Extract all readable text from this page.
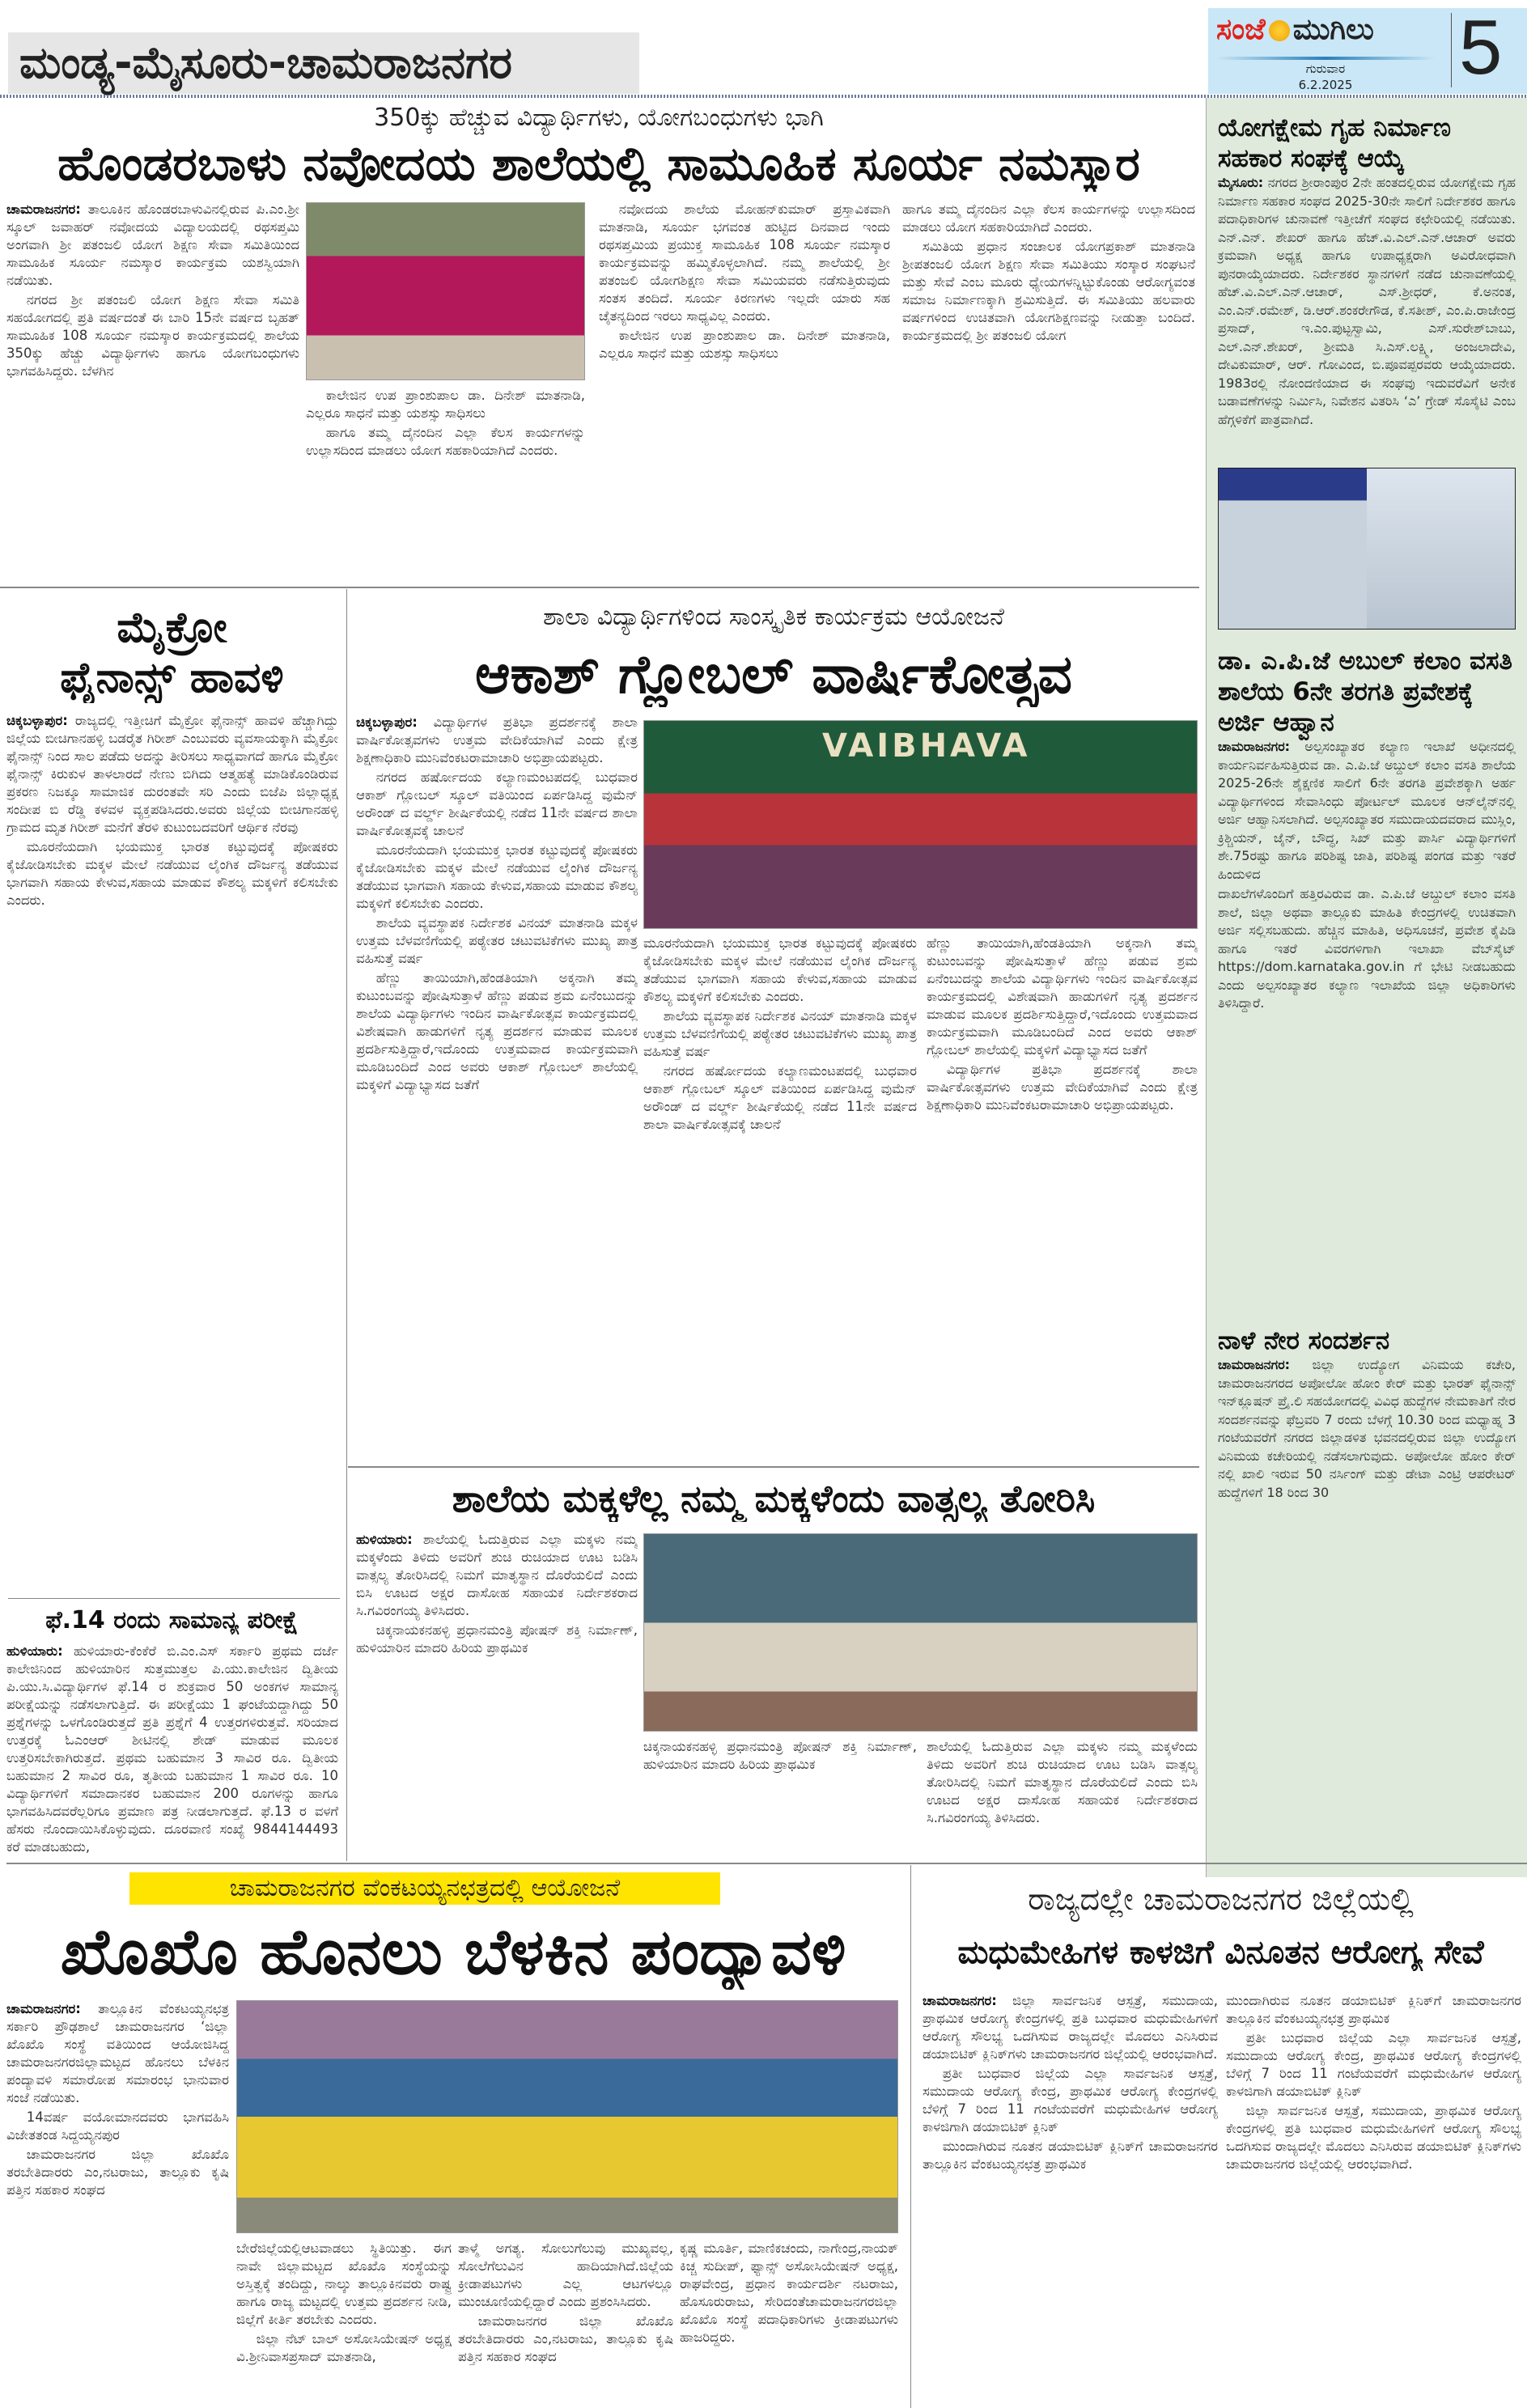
ಮಂಡ್ಯ-ಮೈಸೂರು-ಚಾಮರಾಜನಗರ
ಸಂಜೆ ಮುಗಿಲು
ಗುರುವಾರ
6.2.2025	5
350ಕ್ಕು ಹೆಚ್ಚುವ ವಿದ್ಯಾರ್ಥಿಗಳು, ಯೋಗಬಂಧುಗಳು ಭಾಗಿ
ಹೊಂಡರಬಾಳು ನವೋದಯ ಶಾಲೆಯಲ್ಲಿ ಸಾಮೂಹಿಕ ಸೂರ್ಯ ನಮಸ್ಕಾರ

ಚಾಮರಾಜನಗರ: ತಾಲೂಕಿನ ಹೊಂಡರಬಾಳುವಿನಲ್ಲಿರುವ ಪಿ.ಎಂ.ಶ್ರೀ ಸ್ಕೂಲ್ ಜವಾಹರ್ ನವೋದಯ ವಿದ್ಯಾಲಯದಲ್ಲಿ ರಥಸಪ್ತಮಿ ಅಂಗವಾಗಿ ಶ್ರೀ ಪತಂಜಲಿ ಯೋಗ ಶಿಕ್ಷಣ ಸೇವಾ ಸಮಿತಿಯಿಂದ ಸಾಮೂಹಿಕ ಸೂರ್ಯ ನಮಸ್ಕಾರ ಕಾರ್ಯಕ್ರಮ ಯಶಸ್ವಿಯಾಗಿ ನಡೆಯಿತು.

ನಗರದ ಶ್ರೀ ಪತಂಜಲಿ ಯೋಗ ಶಿಕ್ಷಣ ಸೇವಾ ಸಮಿತಿ ಸಹಯೋಗದಲ್ಲಿ ಪ್ರತಿ ವರ್ಷದಂತೆ ಈ ಬಾರಿ 15ನೇ ವರ್ಷದ ಬೃಹತ್ ಸಾಮೂಹಿಕ 108 ಸೂರ್ಯ ನಮಸ್ಕಾರ ಕಾರ್ಯಕ್ರಮದಲ್ಲಿ ಶಾಲೆಯ 350ಕ್ಕು ಹೆಚ್ಚು ವಿದ್ಯಾರ್ಥಿಗಳು ಹಾಗೂ ಯೋಗಬಂಧುಗಳು ಭಾಗವಹಿಸಿದ್ದರು. ಬೆಳಗಿನ

ಕಾಲೇಜಿನ ಉಪ ಪ್ರಾಂಶುಪಾಲ ಡಾ. ದಿನೇಶ್ ಮಾತನಾಡಿ, ಎಲ್ಲರೂ ಸಾಧನೆ ಮತ್ತು ಯಶಸ್ಸು ಸಾಧಿಸಲು

ಹಾಗೂ ತಮ್ಮ ದೈನಂದಿನ ಎಲ್ಲಾ ಕೆಲಸ ಕಾರ್ಯಗಳನ್ನು ಉಲ್ಲಾಸದಿಂದ ಮಾಡಲು ಯೋಗ ಸಹಕಾರಿಯಾಗಿದೆ ಎಂದರು.

ನವೋದಯ ಶಾಲೆಯ ಮೋಹನ್‌ಕುಮಾರ್ ಪ್ರಸ್ತಾವಿಕವಾಗಿ ಮಾತನಾಡಿ, ಸೂರ್ಯ ಭಗವಂತ ಹುಟ್ಟಿದ ದಿನವಾದ ಇಂದು ರಥಸಪ್ತಮಿಯ ಪ್ರಯುಕ್ತ ಸಾಮೂಹಿಕ 108 ಸೂರ್ಯ ನಮಸ್ಕಾರ ಕಾರ್ಯಕ್ರಮವನ್ನು ಹಮ್ಮಿಕೊಳ್ಳಲಾಗಿದೆ. ನಮ್ಮ ಶಾಲೆಯಲ್ಲಿ ಶ್ರೀ ಪತಂಜಲಿ ಯೋಗಶಿಕ್ಷಣ ಸೇವಾ ಸಮಿಯವರು ನಡೆಸುತ್ತಿರುವುದು ಸಂತಸ ತಂದಿದೆ. ಸೂರ್ಯ ಕಿರಣಗಳು ಇಲ್ಲದೇ ಯಾರು ಸಹ ಚೈತನ್ಯದಿಂದ ಇರಲು ಸಾಧ್ಯವಿಲ್ಲ ಎಂದರು.

ಕಾಲೇಜಿನ ಉಪ ಪ್ರಾಂಶುಪಾಲ ಡಾ. ದಿನೇಶ್ ಮಾತನಾಡಿ, ಎಲ್ಲರೂ ಸಾಧನೆ ಮತ್ತು ಯಶಸ್ಸು ಸಾಧಿಸಲು

ಹಾಗೂ ತಮ್ಮ ದೈನಂದಿನ ಎಲ್ಲಾ ಕೆಲಸ ಕಾರ್ಯಗಳನ್ನು ಉಲ್ಲಾಸದಿಂದ ಮಾಡಲು ಯೋಗ ಸಹಕಾರಿಯಾಗಿದೆ ಎಂದರು.

ಸಮಿತಿಯ ಪ್ರಧಾನ ಸಂಚಾಲಕ ಯೋಗಪ್ರಕಾಶ್ ಮಾತನಾಡಿ ಶ್ರೀಪತಂಜಲಿ ಯೋಗ ಶಿಕ್ಷಣ ಸೇವಾ ಸಮಿತಿಯು ಸಂಸ್ಕಾರ ಸಂಘಟನೆ ಮತ್ತು ಸೇವೆ ಎಂಬ ಮೂರು ಧ್ಯೇಯಗಳನ್ನಿಟ್ಟುಕೊಂಡು ಆರೋಗ್ಯವಂತ ಸಮಾಜ ನಿರ್ಮಾಣಕ್ಕಾಗಿ ಶ್ರಮಿಸುತ್ತಿದೆ. ಈ ಸಮಿತಿಯು ಹಲವಾರು ವರ್ಷಗಳಿಂದ ಉಚಿತವಾಗಿ ಯೋಗಶಿಕ್ಷಣವನ್ನು ನೀಡುತ್ತಾ ಬಂದಿದೆ. ಕಾರ್ಯಕ್ರಮದಲ್ಲಿ ಶ್ರೀ ಪತಂಜಲಿ ಯೋಗ

ಯೋಗಕ್ಷೇಮ ಗೃಹ ನಿರ್ಮಾಣ ಸಹಕಾರ ಸಂಘಕ್ಕೆ ಆಯ್ಕೆ

ಮೈಸೂರು: ನಗರದ ಶ್ರೀರಾಂಪುರ 2ನೇ ಹಂತದಲ್ಲಿರುವ ಯೋಗಕ್ಷೇಮ ಗೃಹ ನಿರ್ಮಾಣ ಸಹಕಾರ ಸಂಘದ 2025-30ನೇ ಸಾಲಿಗೆ ನಿರ್ದೇಶಕರ ಹಾಗೂ ಪದಾಧಿಕಾರಿಗಳ ಚುನಾವಣೆ ಇತ್ತೀಚೆಗೆ ಸಂಘದ ಕಛೇರಿಯಲ್ಲಿ ನಡೆಯಿತು. ಎನ್.ಎನ್. ಶೇಖರ್ ಹಾಗೂ ಹೆಚ್.ವಿ.ಎಲ್.ಎನ್.ಆಚಾರ್ ಅವರು ಕ್ರಮವಾಗಿ ಅಧ್ಯಕ್ಷ ಹಾಗೂ ಉಪಾಧ್ಯಕ್ಷರಾಗಿ ಅವಿರೋಧವಾಗಿ ಪುನರಾಯ್ಕೆಯಾದರು. ನಿರ್ದೇಶಕರ ಸ್ಥಾನಗಳಿಗೆ ನಡೆದ ಚುನಾವಣೆಯಲ್ಲಿ ಹೆಚ್.ವಿ.ಎಲ್.ಎನ್.ಆಚಾರ್, ಎಸ್.ಶ್ರೀಧರ್, ಕೆ.ಅನಂತ, ಎಂ.ಎನ್.ರಮೇಶ್, ಡಿ.ಆರ್.ಶಂಕರೇಗೌಡ, ಕೆ.ಸತೀಶ್, ಎಂ.ಪಿ.ರಾಜೇಂದ್ರ ಪ್ರಸಾದ್, ಇ.ಎಂ.ಪುಟ್ಟಸ್ವಾಮಿ, ಎಸ್.ಸುರೇಶ್‌ಬಾಬು, ಎಲ್.ಎನ್.ಶೇಖರ್, ಶ್ರೀಮತಿ ಸಿ.ಎಸ್.ಲಕ್ಷ್ಮಿ, ಅಂಜಲಾದೇವಿ, ದೇವಿಕುಮಾರ್, ಆರ್. ಗೋವಿಂದ, ಬಿ.ಪೂವಪ್ಪರವರು ಆಯ್ಕೆಯಾದರು. 1983ರಲ್ಲಿ ನೋಂದಣಿಯಾದ ಈ ಸಂಘವು ಇದುವರೆವಿಗೆ ಅನೇಕ ಬಡಾವಣೆಗಳನ್ನು ನಿರ್ಮಿಸಿ, ನಿವೇಶನ ವಿತರಿಸಿ ‘ಎ’ ಗ್ರೇಡ್ ಸೊಸೈಟಿ ಎಂಬ ಹೆಗ್ಗಳಿಕೆಗೆ ಪಾತ್ರವಾಗಿದೆ.

ಡಾ. ಎ.ಪಿ.ಜೆ ಅಬುಲ್ ಕಲಾಂ ವಸತಿ ಶಾಲೆಯ 6ನೇ ತರಗತಿ ಪ್ರವೇಶಕ್ಕೆ ಅರ್ಜಿ ಆಹ್ವಾನ

ಚಾಮರಾಜನಗರ: ಅಲ್ಪಸಂಖ್ಯಾತರ ಕಲ್ಯಾಣ ಇಲಾಖೆ ಅಧೀನದಲ್ಲಿ ಕಾರ್ಯನಿರ್ವಹಿಸುತ್ತಿರುವ ಡಾ. ಎ.ಪಿ.ಜೆ ಅಬ್ದುಲ್ ಕಲಾಂ ವಸತಿ ಶಾಲೆಯ 2025-26ನೇ ಶೈಕ್ಷಣಿಕ ಸಾಲಿಗೆ 6ನೇ ತರಗತಿ ಪ್ರವೇಶಕ್ಕಾಗಿ ಅರ್ಹ ವಿದ್ಯಾರ್ಥಿಗಳಿಂದ ಸೇವಾಸಿಂಧು ಪೋರ್ಟಲ್ ಮೂಲಕ ಆನ್‌ಲೈನ್‌ನಲ್ಲಿ ಅರ್ಜಿ ಆಹ್ವಾನಿಸಲಾಗಿದೆ. ಅಲ್ಪಸಂಖ್ಯಾತರ ಸಮುದಾಯದವರಾದ ಮುಸ್ಲಿಂ, ಕ್ರಿಶ್ಚಿಯನ್, ಜೈನ್, ಬೌದ್ಧ, ಸಿಖ್ ಮತ್ತು ಪಾರ್ಸಿ ವಿದ್ಯಾರ್ಥಿಗಳಿಗೆ ಶೇ.75ರಷ್ಟು ಹಾಗೂ ಪರಿಶಿಷ್ಟ ಜಾತಿ, ಪರಿಶಿಷ್ಟ ಪಂಗಡ ಮತ್ತು ಇತರೆ ಹಿಂದುಳಿದ

ದಾಖಲೆಗಳೊಂದಿಗೆ ಹತ್ತಿರವಿರುವ ಡಾ. ಎ.ಪಿ.ಜೆ ಅಬ್ದುಲ್ ಕಲಾಂ ವಸತಿ ಶಾಲೆ, ಜಿಲ್ಲಾ ಅಥವಾ ತಾಲ್ಲೂಕು ಮಾಹಿತಿ ಕೇಂದ್ರಗಳಲ್ಲಿ ಉಚಿತವಾಗಿ ಅರ್ಜಿ ಸಲ್ಲಿಸಬಹುದು. ಹೆಚ್ಚಿನ ಮಾಹಿತಿ, ಅಧಿಸೂಚನೆ, ಪ್ರವೇಶ ಕೈಪಿಡಿ ಹಾಗೂ ಇತರೆ ವಿವರಗಳಿಗಾಗಿ ಇಲಾಖಾ ವೆಬ್‌ಸೈಟ್ https://dom.karnataka.gov.in ಗೆ ಭೇಟಿ ನೀಡಬಹುದು ಎಂದು ಅಲ್ಪಸಂಖ್ಯಾತರ ಕಲ್ಯಾಣ ಇಲಾಖೆಯ ಜಿಲ್ಲಾ ಅಧಿಕಾರಿಗಳು ತಿಳಿಸಿದ್ದಾರೆ.

ನಾಳೆ ನೇರ ಸಂದರ್ಶನ

ಚಾಮರಾಜನಗರ: ಜಿಲ್ಲಾ ಉದ್ಯೋಗ ವಿನಿಮಯ ಕಚೇರಿ, ಚಾಮರಾಜನಗರದ ಅಪೋಲೋ ಹೋಂ ಕೇರ್ ಮತ್ತು ಭಾರತ್ ಫೈನಾನ್ಸ್ ಇನ್‌ಕ್ಲೂಷನ್ ಪ್ರೈ.ಲಿ ಸಹಯೋಗದಲ್ಲಿ ವಿವಿಧ ಹುದ್ದೆಗಳ ನೇಮಕಾತಿಗೆ ನೇರ ಸಂದರ್ಶನವನ್ನು ಫೆಬ್ರವರಿ 7 ರಂದು ಬೆಳಗ್ಗೆ 10.30 ರಿಂದ ಮಧ್ಯಾಹ್ನ 3 ಗಂಟೆಯವರೆಗೆ ನಗರದ ಜಿಲ್ಲಾಡಳಿತ ಭವನದಲ್ಲಿರುವ ಜಿಲ್ಲಾ ಉದ್ಯೋಗ ವಿನಿಮಯ ಕಚೇರಿಯಲ್ಲಿ ನಡೆಸಲಾಗುವುದು. ಅಪೋಲೋ ಹೋಂ ಕೇರ್ ನಲ್ಲಿ ಖಾಲಿ ಇರುವ 50 ನರ್ಸಿಂಗ್ ಮತ್ತು ಡೇಟಾ ಎಂಟ್ರಿ ಆಪರೇಟರ್ ಹುದ್ದೆಗಳಿಗೆ 18 ರಿಂದ 30

ಮೈಕ್ರೋ
ಫೈನಾನ್ಸ್ ಹಾವಳಿ

ಚಿಕ್ಕಬಳ್ಳಾಪುರ: ರಾಜ್ಯದಲ್ಲಿ ಇತ್ತೀಚಿಗೆ ಮೈಕ್ರೋ ಫೈನಾನ್ಸ್ ಹಾವಳಿ ಹೆಚ್ಚಾಗಿದ್ದು ಜಿಲ್ಲೆಯ ಬೀಚಿಗಾನಹಳ್ಳಿ ಬಡರೈತ ಗಿರೀಶ್ ಎಂಬುವರು ವ್ಯವಸಾಯಕ್ಕಾಗಿ ಮೈಕ್ರೋ ಫೈನಾನ್ಸ್ ನಿಂದ ಸಾಲ ಪಡೆದು ಅದನ್ನು ತೀರಿಸಲು ಸಾಧ್ಯವಾಗದೆ ಹಾಗೂ ಮೈಕ್ರೋ ಫೈನಾನ್ಸ್ ಕಿರುಕುಳ ತಾಳಲಾರದೆ ನೇಣು ಬಿಗಿದು ಆತ್ಮಹತ್ಯೆ ಮಾಡಿಕೊಂಡಿರುವ ಪ್ರಕರಣ ನಿಜಕ್ಕೂ ಸಾಮಾಜಿಕ ದುರಂತವೇ ಸರಿ ಎಂದು ಬಿಜೆಪಿ ಜಿಲ್ಲಾಧ್ಯಕ್ಷ ಸಂದೀಪ ಬಿ ರೆಡ್ಡಿ ಕಳವಳ ವ್ಯಕ್ತಪಡಿಸಿದರು.ಅವರು ಜಿಲ್ಲೆಯ ಬೀಚಿಗಾನಹಳ್ಳಿ ಗ್ರಾಮದ ಮೃತ ಗಿರೀಶ್ ಮನೆಗೆ ತೆರಳಿ ಕುಟುಂಬದವರಿಗೆ ಆರ್ಥಿಕ ನೆರವು

ಮೂರನೆಯದಾಗಿ ಭಯಮುಕ್ತ ಭಾರತ ಕಟ್ಟುವುದಕ್ಕೆ ಪೋಷಕರು ಕೈಜೋಡಿಸಬೇಕು ಮಕ್ಕಳ ಮೇಲೆ ನಡೆಯುವ ಲೈಂಗಿಕ ದೌರ್ಜನ್ಯ ತಡೆಯುವ ಭಾಗವಾಗಿ ಸಹಾಯ ಕೇಳುವ,ಸಹಾಯ ಮಾಡುವ ಕೌಶಲ್ಯ ಮಕ್ಕಳಿಗೆ ಕಲಿಸಬೇಕು ಎಂದರು.

ಫೆ.14 ರಂದು ಸಾಮಾನ್ಯ ಪರೀಕ್ಷೆ

ಹುಳಿಯಾರು: ಹುಳಿಯಾರು-ಕೆಂಕೆರೆ ಬಿ.ಎಂ.ಎಸ್ ಸರ್ಕಾರಿ ಪ್ರಥಮ ದರ್ಜೆ ಕಾಲೇಜಿನಿಂದ ಹುಳಿಯಾರಿನ ಸುತ್ತಮುತ್ತಲ ಪಿ.ಯು.ಕಾಲೇಜಿನ ದ್ವಿತೀಯ ಪಿ.ಯು.ಸಿ.ವಿದ್ಯಾರ್ಥಿಗಳ ಫೆ.14 ರ ಶುಕ್ರವಾರ 50 ಅಂಕಗಳ ಸಾಮಾನ್ಯ ಪರೀಕ್ಷೆಯನ್ನು ನಡೆಸಲಾಗುತ್ತಿದೆ. ಈ ಪರೀಕ್ಷೆಯು 1 ಘಂಟೆಯದ್ದಾಗಿದ್ದು 50 ಪ್ರಶ್ನೆಗಳನ್ನು ಒಳಗೊಂಡಿರುತ್ತದೆ ಪ್ರತಿ ಪ್ರಶ್ನೆಗೆ 4 ಉತ್ತರಗಳಿರುತ್ತವೆ. ಸರಿಯಾದ ಉತ್ತರಕ್ಕೆ ಓಎಂಆರ್ ಶೀಟಿನಲ್ಲಿ ಶೇಡ್ ಮಾಡುವ ಮೂಲಕ ಉತ್ತರಿಸಬೇಕಾಗಿರುತ್ತದೆ. ಪ್ರಥಮ ಬಹುಮಾನ 3 ಸಾವಿರ ರೂ. ದ್ವಿತೀಯ ಬಹುಮಾನ 2 ಸಾವಿರ ರೂ, ತೃತೀಯ ಬಹುಮಾನ 1 ಸಾವಿರ ರೂ. 10 ವಿದ್ಯಾರ್ಥಿಗಳಿಗೆ ಸಮಾದಾನಕರ ಬಹುಮಾನ 200 ರೂಗಳನ್ನು ಹಾಗೂ ಭಾಗವಹಿಸಿದವರೆಲ್ಲರಿಗೂ ಪ್ರಮಾಣ ಪತ್ರ ನೀಡಲಾಗುತ್ತದೆ. ಫೆ.13 ರ ವಳಗೆ ಹೆಸರು ನೊಂದಾಯಿಸಿಕೊಳ್ಳುವುದು. ದೂರವಾಣಿ ಸಂಖ್ಯೆ 9844144493 ಕರೆ ಮಾಡಬಹುದು,

ಶಾಲಾ ವಿದ್ಯಾರ್ಥಿಗಳಿಂದ ಸಾಂಸ್ಕೃತಿಕ ಕಾರ್ಯಕ್ರಮ ಆಯೋಜನೆ
ಆಕಾಶ್ ಗ್ಲೋಬಲ್ ವಾರ್ಷಿಕೋತ್ಸವ

ಚಿಕ್ಕಬಳ್ಳಾಪುರ: ವಿದ್ಯಾರ್ಥಿಗಳ ಪ್ರತಿಭಾ ಪ್ರದರ್ಶನಕ್ಕೆ ಶಾಲಾ ವಾರ್ಷಿಕೋತ್ಸವಗಳು ಉತ್ತಮ ವೇದಿಕೆಯಾಗಿವೆ ಎಂದು ಕ್ಷೇತ್ರ ಶಿಕ್ಷಣಾಧಿಕಾರಿ ಮುನಿವೆಂಕಟರಾಮಾಚಾರಿ ಅಭಿಪ್ರಾಯಪಟ್ಟರು.

ನಗರದ ಹರ್ಷೋದಯ ಕಲ್ಯಾಣಮಂಟಪದಲ್ಲಿ ಬುಧವಾರ ಆಕಾಶ್ ಗ್ಲೋಬಲ್ ಸ್ಕೂಲ್ ವತಿಯಿಂದ ಏರ್ಪಡಿಸಿದ್ದ ವುಮೆನ್ ಅರೌಂಡ್ ದ ವರ್ಲ್ಡ್ ಶೀರ್ಷಿಕೆಯಲ್ಲಿ ನಡೆದ 11ನೇ ವರ್ಷದ ಶಾಲಾ ವಾರ್ಷಿಕೋತ್ಸವಕ್ಕೆ ಚಾಲನೆ

ಮೂರನೆಯದಾಗಿ ಭಯಮುಕ್ತ ಭಾರತ ಕಟ್ಟುವುದಕ್ಕೆ ಪೋಷಕರು ಕೈಜೋಡಿಸಬೇಕು ಮಕ್ಕಳ ಮೇಲೆ ನಡೆಯುವ ಲೈಂಗಿಕ ದೌರ್ಜನ್ಯ ತಡೆಯುವ ಭಾಗವಾಗಿ ಸಹಾಯ ಕೇಳುವ,ಸಹಾಯ ಮಾಡುವ ಕೌಶಲ್ಯ ಮಕ್ಕಳಿಗೆ ಕಲಿಸಬೇಕು ಎಂದರು.

ಶಾಲೆಯ ವ್ಯವಸ್ಥಾಪಕ ನಿರ್ದೇಶಕ ವಿನಯ್ ಮಾತನಾಡಿ ಮಕ್ಕಳ ಉತ್ತಮ ಬೆಳವಣಿಗೆಯಲ್ಲಿ ಪಠ್ಯೇತರ ಚಟುವಟಿಕೆಗಳು ಮುಖ್ಯ ಪಾತ್ರ ವಹಿಸುತ್ತೆ ವರ್ಷ

ಹೆಣ್ಣು ತಾಯಿಯಾಗಿ,ಹೆಂಡತಿಯಾಗಿ ಅಕ್ಕನಾಗಿ ತಮ್ಮ ಕುಟುಂಬವನ್ನು ಪೋಷಿಸುತ್ತಾಳೆ ಹೆಣ್ಣು ಪಡುವ ಶ್ರಮ ಏನೆಂಬುದನ್ನು ಶಾಲೆಯ ವಿದ್ಯಾರ್ಥಿಗಳು ಇಂದಿನ ವಾರ್ಷಿಕೋತ್ಸವ ಕಾರ್ಯಕ್ರಮದಲ್ಲಿ ವಿಶೇಷವಾಗಿ ಹಾಡುಗಳಿಗೆ ನೃತ್ಯ ಪ್ರದರ್ಶನ ಮಾಡುವ ಮೂಲಕ ಪ್ರದರ್ಶಿಸುತ್ತಿದ್ದಾರೆ,ಇದೊಂದು ಉತ್ತಮವಾದ ಕಾರ್ಯಕ್ರಮವಾಗಿ ಮೂಡಿಬಂದಿದೆ ಎಂದ ಅವರು ಆಕಾಶ್ ಗ್ಲೋಬಲ್ ಶಾಲೆಯಲ್ಲಿ ಮಕ್ಕಳಿಗೆ ವಿದ್ಯಾಭ್ಯಾಸದ ಜತೆಗೆ

VAIBHAVA

ಮೂರನೆಯದಾಗಿ ಭಯಮುಕ್ತ ಭಾರತ ಕಟ್ಟುವುದಕ್ಕೆ ಪೋಷಕರು ಕೈಜೋಡಿಸಬೇಕು ಮಕ್ಕಳ ಮೇಲೆ ನಡೆಯುವ ಲೈಂಗಿಕ ದೌರ್ಜನ್ಯ ತಡೆಯುವ ಭಾಗವಾಗಿ ಸಹಾಯ ಕೇಳುವ,ಸಹಾಯ ಮಾಡುವ ಕೌಶಲ್ಯ ಮಕ್ಕಳಿಗೆ ಕಲಿಸಬೇಕು ಎಂದರು.

ಶಾಲೆಯ ವ್ಯವಸ್ಥಾಪಕ ನಿರ್ದೇಶಕ ವಿನಯ್ ಮಾತನಾಡಿ ಮಕ್ಕಳ ಉತ್ತಮ ಬೆಳವಣಿಗೆಯಲ್ಲಿ ಪಠ್ಯೇತರ ಚಟುವಟಿಕೆಗಳು ಮುಖ್ಯ ಪಾತ್ರ ವಹಿಸುತ್ತೆ ವರ್ಷ

ನಗರದ ಹರ್ಷೋದಯ ಕಲ್ಯಾಣಮಂಟಪದಲ್ಲಿ ಬುಧವಾರ ಆಕಾಶ್ ಗ್ಲೋಬಲ್ ಸ್ಕೂಲ್ ವತಿಯಿಂದ ಏರ್ಪಡಿಸಿದ್ದ ವುಮೆನ್ ಅರೌಂಡ್ ದ ವರ್ಲ್ಡ್ ಶೀರ್ಷಿಕೆಯಲ್ಲಿ ನಡೆದ 11ನೇ ವರ್ಷದ ಶಾಲಾ ವಾರ್ಷಿಕೋತ್ಸವಕ್ಕೆ ಚಾಲನೆ

ಹೆಣ್ಣು ತಾಯಿಯಾಗಿ,ಹೆಂಡತಿಯಾಗಿ ಅಕ್ಕನಾಗಿ ತಮ್ಮ ಕುಟುಂಬವನ್ನು ಪೋಷಿಸುತ್ತಾಳೆ ಹೆಣ್ಣು ಪಡುವ ಶ್ರಮ ಏನೆಂಬುದನ್ನು ಶಾಲೆಯ ವಿದ್ಯಾರ್ಥಿಗಳು ಇಂದಿನ ವಾರ್ಷಿಕೋತ್ಸವ ಕಾರ್ಯಕ್ರಮದಲ್ಲಿ ವಿಶೇಷವಾಗಿ ಹಾಡುಗಳಿಗೆ ನೃತ್ಯ ಪ್ರದರ್ಶನ ಮಾಡುವ ಮೂಲಕ ಪ್ರದರ್ಶಿಸುತ್ತಿದ್ದಾರೆ,ಇದೊಂದು ಉತ್ತಮವಾದ ಕಾರ್ಯಕ್ರಮವಾಗಿ ಮೂಡಿಬಂದಿದೆ ಎಂದ ಅವರು ಆಕಾಶ್ ಗ್ಲೋಬಲ್ ಶಾಲೆಯಲ್ಲಿ ಮಕ್ಕಳಿಗೆ ವಿದ್ಯಾಭ್ಯಾಸದ ಜತೆಗೆ

ವಿದ್ಯಾರ್ಥಿಗಳ ಪ್ರತಿಭಾ ಪ್ರದರ್ಶನಕ್ಕೆ ಶಾಲಾ ವಾರ್ಷಿಕೋತ್ಸವಗಳು ಉತ್ತಮ ವೇದಿಕೆಯಾಗಿವೆ ಎಂದು ಕ್ಷೇತ್ರ ಶಿಕ್ಷಣಾಧಿಕಾರಿ ಮುನಿವೆಂಕಟರಾಮಾಚಾರಿ ಅಭಿಪ್ರಾಯಪಟ್ಟರು.

ಶಾಲೆಯ ಮಕ್ಕಳೆಲ್ಲ ನಮ್ಮ ಮಕ್ಕಳೆಂದು ವಾತ್ಸಲ್ಯ ತೋರಿಸಿ

ಹುಳಿಯಾರು: ಶಾಲೆಯಲ್ಲಿ ಓದುತ್ತಿರುವ ಎಲ್ಲಾ ಮಕ್ಕಳು ನಮ್ಮ ಮಕ್ಕಳೆಂದು ತಿಳಿದು ಅವರಿಗೆ ಶುಚಿ ರುಚಿಯಾದ ಊಟ ಬಡಿಸಿ ವಾತ್ಸಲ್ಯ ತೋರಿಸಿದಲ್ಲಿ ನಿಮಗೆ ಮಾತೃಸ್ಥಾನ ದೊರೆಯಲಿದೆ ಎಂದು ಬಿಸಿ ಊಟದ ಅಕ್ಷರ ದಾಸೋಹ ಸಹಾಯಕ ನಿರ್ದೇಶಕರಾದ ಸಿ.ಗವಿರಂಗಯ್ಯ ತಿಳಿಸಿದರು.

ಚಿಕ್ಕನಾಯಕನಹಳ್ಳಿ ಪ್ರಧಾನಮಂತ್ರಿ ಪೋಷನ್ ಶಕ್ತಿ ನಿರ್ಮಾಣ್, ಹುಳಿಯಾರಿನ ಮಾದರಿ ಹಿರಿಯ ಪ್ರಾಥಮಿಕ

ಚಿಕ್ಕನಾಯಕನಹಳ್ಳಿ ಪ್ರಧಾನಮಂತ್ರಿ ಪೋಷನ್ ಶಕ್ತಿ ನಿರ್ಮಾಣ್, ಹುಳಿಯಾರಿನ ಮಾದರಿ ಹಿರಿಯ ಪ್ರಾಥಮಿಕ

ಶಾಲೆಯಲ್ಲಿ ಓದುತ್ತಿರುವ ಎಲ್ಲಾ ಮಕ್ಕಳು ನಮ್ಮ ಮಕ್ಕಳೆಂದು ತಿಳಿದು ಅವರಿಗೆ ಶುಚಿ ರುಚಿಯಾದ ಊಟ ಬಡಿಸಿ ವಾತ್ಸಲ್ಯ ತೋರಿಸಿದಲ್ಲಿ ನಿಮಗೆ ಮಾತೃಸ್ಥಾನ ದೊರೆಯಲಿದೆ ಎಂದು ಬಿಸಿ ಊಟದ ಅಕ್ಷರ ದಾಸೋಹ ಸಹಾಯಕ ನಿರ್ದೇಶಕರಾದ ಸಿ.ಗವಿರಂಗಯ್ಯ ತಿಳಿಸಿದರು.

ಚಾಮರಾಜನಗರ ವೆಂಕಟಯ್ಯನಛತ್ರದಲ್ಲಿ ಆಯೋಜನೆ
ಖೊಖೊ ಹೊನಲು ಬೆಳಕಿನ ಪಂದ್ಯಾವಳಿ

ಚಾಮರಾಜನಗರ: ತಾಲ್ಲೂಕಿನ ವೆಂಕಟಯ್ಯನಛತ್ರ ಸರ್ಕಾರಿ ಪ್ರೌಢಶಾಲೆ ಚಾಮರಾಜನಗರ ‘ಜಿಲ್ಲಾ ಖೊಖೊ ಸಂಸ್ಥೆ ವತಿಯಿಂದ ಆಯೋಜಿಸಿದ್ದ ಚಾಮರಾಜನಗರಜಿಲ್ಲಾಮಟ್ಟದ ಹೊನಲು ಬೆಳಕಿನ ಪಂದ್ಯಾವಳಿ ಸಮಾರೋಪ ಸಮಾರಂಭ ಭಾನುವಾರ ಸಂಜೆ ನಡೆಯಿತು.

14ವರ್ಷ ವಯೋಮಾನದವರು ಭಾಗವಹಿಸಿ ವಿಜೇತತಂಡ ಸಿದ್ದಯ್ಯನಪುರ

ಚಾಮರಾಜನಗರ ಜಿಲ್ಲಾ ಖೊಖೊ ತರಬೇತಿದಾರರು ಎಂ,ನಟರಾಜು, ತಾಲ್ಲೂಕು ಕೃಷಿ ಪತ್ತಿನ ಸಹಕಾರ ಸಂಘದ

ಬೇರೆಜಿಲ್ಲೆಯಲ್ಲಿಆಟವಾಡಲು ಸ್ಥಿತಿಯಿತ್ತು. ಈಗ ನಾವೇ ಜಿಲ್ಲಾಮಟ್ಟದ ಖೊಖೊ ಸಂಸ್ಥೆಯನ್ನು ಅಸ್ತಿತ್ವಕ್ಕೆ ತಂದಿದ್ದು, ನಾಲ್ಕು ತಾಲ್ಲೂಕಿನವರು ರಾಷ್ಟ್ರ ಹಾಗೂ ರಾಜ್ಯ ಮಟ್ಟದಲ್ಲಿ ಉತ್ತಮ ಪ್ರದರ್ಶನ ನೀಡಿ, ಜಿಲ್ಲೆಗೆ ಕೀರ್ತಿ ತರಬೇಕು ಎಂದರು.

ಜಿಲ್ಲಾ ನೆಟ್ ಬಾಲ್ ಅಸೋಸಿಯೇಷನ್ ಅಧ್ಯಕ್ಷ ವಿ.ಶ್ರೀನಿವಾಸಪ್ರಸಾದ್ ಮಾತನಾಡಿ,

ತಾಳ್ಮೆ ಅಗತ್ಯ. ಸೋಲುಗೆಲುವು ಮುಖ್ಯವಲ್ಲ, ಸೋಲೆಗೆಲುವಿನ ಹಾದಿಯಾಗಿದೆ.ಜಿಲ್ಲೆಯ ಕ್ರೀಡಾಪಟುಗಳು ಎಲ್ಲ ಆಟಗಳಲ್ಲೂ ಮುಂಚೂಣಿಯಲ್ಲಿದ್ದಾರೆ ಎಂದು ಪ್ರಶಂಸಿಸಿದರು.

ಚಾಮರಾಜನಗರ ಜಿಲ್ಲಾ ಖೊಖೊ ತರಬೇತಿದಾರರು ಎಂ,ನಟರಾಜು, ತಾಲ್ಲೂಕು ಕೃಷಿ ಪತ್ತಿನ ಸಹಕಾರ ಸಂಘದ

ಕೃಷ್ಣ ಮೂರ್ತಿ, ಮಾಣಿಕಚಂದು, ನಾಗೇಂದ್ರ,ನಾಯಕ್ ಕಿಚ್ಚ ಸುದೀಪ್, ಫ್ಯಾನ್ಸ್ ಅಸೋಸಿಯೇಷನ್ ಅಧ್ಯಕ್ಷ, ರಾಘವೇಂದ್ರ, ಪ್ರಧಾನ ಕಾರ್ಯದರ್ಶಿ ನಟರಾಜು, ಹೊಸೂರುರಾಜು, ಸೇರಿದಂತೆಚಾಮರಾಜನಗರಜಿಲ್ಲಾ ಖೊಖೊ ಸಂಸ್ಥೆ ಪದಾಧಿಕಾರಿಗಳು ಕ್ರೀಡಾಪಟುಗಳು ಹಾಜರಿದ್ದರು.

ರಾಜ್ಯದಲ್ಲೇ ಚಾಮರಾಜನಗರ ಜಿಲ್ಲೆಯಲ್ಲಿ
ಮಧುಮೇಹಿಗಳ ಕಾಳಜಿಗೆ ವಿನೂತನ ಆರೋಗ್ಯ ಸೇವೆ

ಚಾಮರಾಜನಗರ: ಜಿಲ್ಲಾ ಸಾರ್ವಜನಿಕ ಆಸ್ಪತ್ರೆ, ಸಮುದಾಯ, ಪ್ರಾಥಮಿಕ ಆರೋಗ್ಯ ಕೇಂದ್ರಗಳಲ್ಲಿ ಪ್ರತಿ ಬುಧವಾರ ಮಧುಮೇಹಿಗಳಿಗೆ ಆರೋಗ್ಯ ಸೌಲಭ್ಯ ಒದಗಿಸುವ ರಾಜ್ಯದಲ್ಲೇ ಮೊದಲು ಎನಿಸಿರುವ ಡಯಾಬಿಟಿಕ್ ಕ್ಲಿನಿಕ್‌ಗಳು ಚಾಮರಾಜನಗರ ಜಿಲ್ಲೆಯಲ್ಲಿ ಆರಂಭವಾಗಿದೆ.

ಪ್ರತೀ ಬುಧವಾರ ಜಿಲ್ಲೆಯ ಎಲ್ಲಾ ಸಾರ್ವಜನಿಕ ಆಸ್ಪತ್ರೆ, ಸಮುದಾಯ ಆರೋಗ್ಯ ಕೇಂದ್ರ, ಪ್ರಾಥಮಿಕ ಆರೋಗ್ಯ ಕೇಂದ್ರಗಳಲ್ಲಿ ಬೆಳಿಗ್ಗೆ 7 ರಿಂದ 11 ಗಂಟೆಯವರೆಗೆ ಮಧುಮೇಹಿಗಳ ಆರೋಗ್ಯ ಕಾಳಜಿಗಾಗಿ ಡಯಾಬಿಟಿಕ್ ಕ್ಲಿನಿಕ್

ಮುಂದಾಗಿರುವ ನೂತನ ಡಯಾಬಿಟಿಕ್ ಕ್ಲಿನಿಕ್‌ಗೆ ಚಾಮರಾಜನಗರ ತಾಲ್ಲೂಕಿನ ವೆಂಕಟಯ್ಯನಛತ್ರ ಪ್ರಾಥಮಿಕ

ಮುಂದಾಗಿರುವ ನೂತನ ಡಯಾಬಿಟಿಕ್ ಕ್ಲಿನಿಕ್‌ಗೆ ಚಾಮರಾಜನಗರ ತಾಲ್ಲೂಕಿನ ವೆಂಕಟಯ್ಯನಛತ್ರ ಪ್ರಾಥಮಿಕ

ಪ್ರತೀ ಬುಧವಾರ ಜಿಲ್ಲೆಯ ಎಲ್ಲಾ ಸಾರ್ವಜನಿಕ ಆಸ್ಪತ್ರೆ, ಸಮುದಾಯ ಆರೋಗ್ಯ ಕೇಂದ್ರ, ಪ್ರಾಥಮಿಕ ಆರೋಗ್ಯ ಕೇಂದ್ರಗಳಲ್ಲಿ ಬೆಳಿಗ್ಗೆ 7 ರಿಂದ 11 ಗಂಟೆಯವರೆಗೆ ಮಧುಮೇಹಿಗಳ ಆರೋಗ್ಯ ಕಾಳಜಿಗಾಗಿ ಡಯಾಬಿಟಿಕ್ ಕ್ಲಿನಿಕ್

ಜಿಲ್ಲಾ ಸಾರ್ವಜನಿಕ ಆಸ್ಪತ್ರೆ, ಸಮುದಾಯ, ಪ್ರಾಥಮಿಕ ಆರೋಗ್ಯ ಕೇಂದ್ರಗಳಲ್ಲಿ ಪ್ರತಿ ಬುಧವಾರ ಮಧುಮೇಹಿಗಳಿಗೆ ಆರೋಗ್ಯ ಸೌಲಭ್ಯ ಒದಗಿಸುವ ರಾಜ್ಯದಲ್ಲೇ ಮೊದಲು ಎನಿಸಿರುವ ಡಯಾಬಿಟಿಕ್ ಕ್ಲಿನಿಕ್‌ಗಳು ಚಾಮರಾಜನಗರ ಜಿಲ್ಲೆಯಲ್ಲಿ ಆರಂಭವಾಗಿದೆ.
